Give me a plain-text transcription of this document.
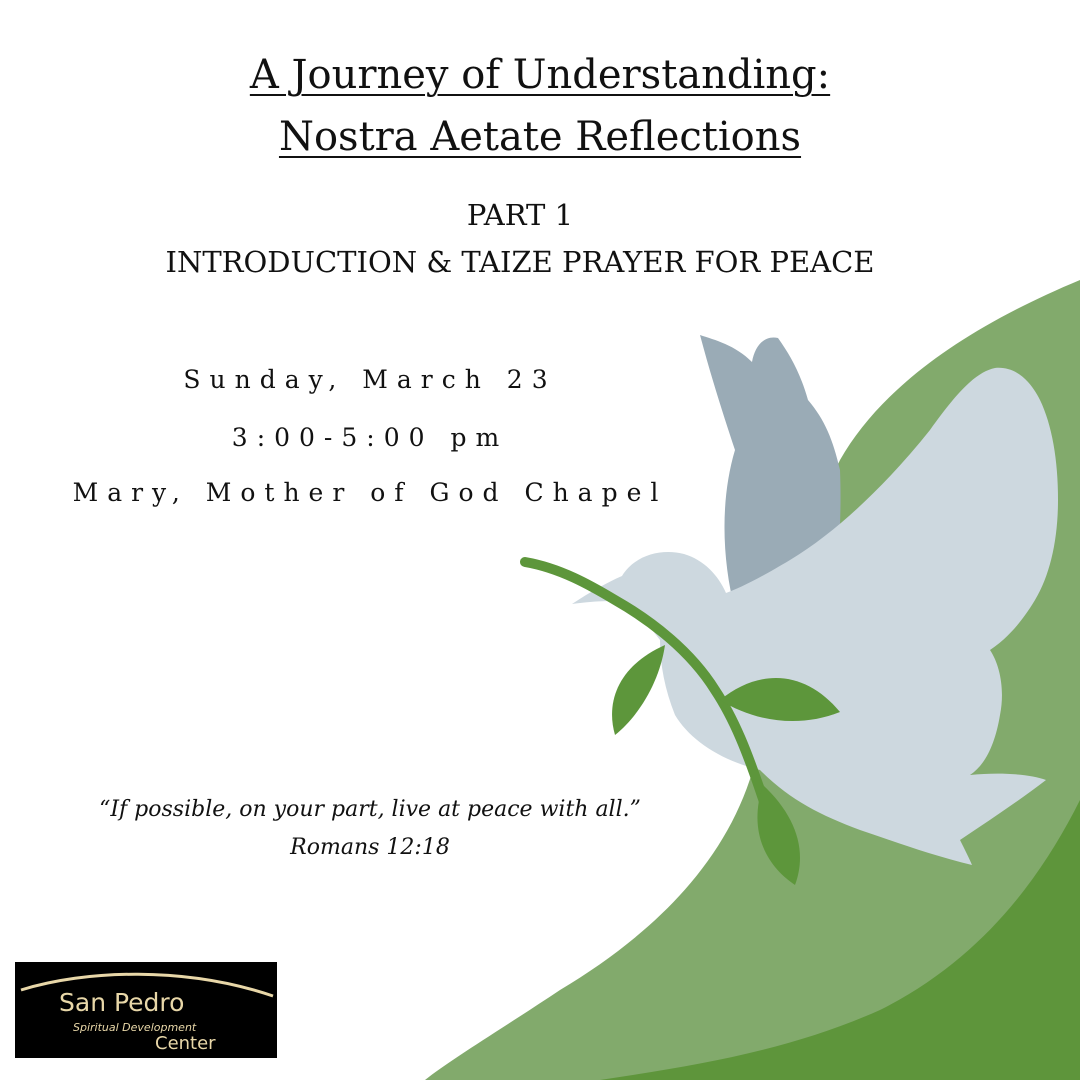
A Journey of Understanding:
Nostra Aetate Reflections
PART 1
INTRODUCTION & TAIZE PRAYER FOR PEACE
Sunday, March 23
3:00-5:00 pm
Mary, Mother of God Chapel
“If possible, on your part, live at peace with all.”
Romans 12:18
San Pedro
Spiritual Development
Center
